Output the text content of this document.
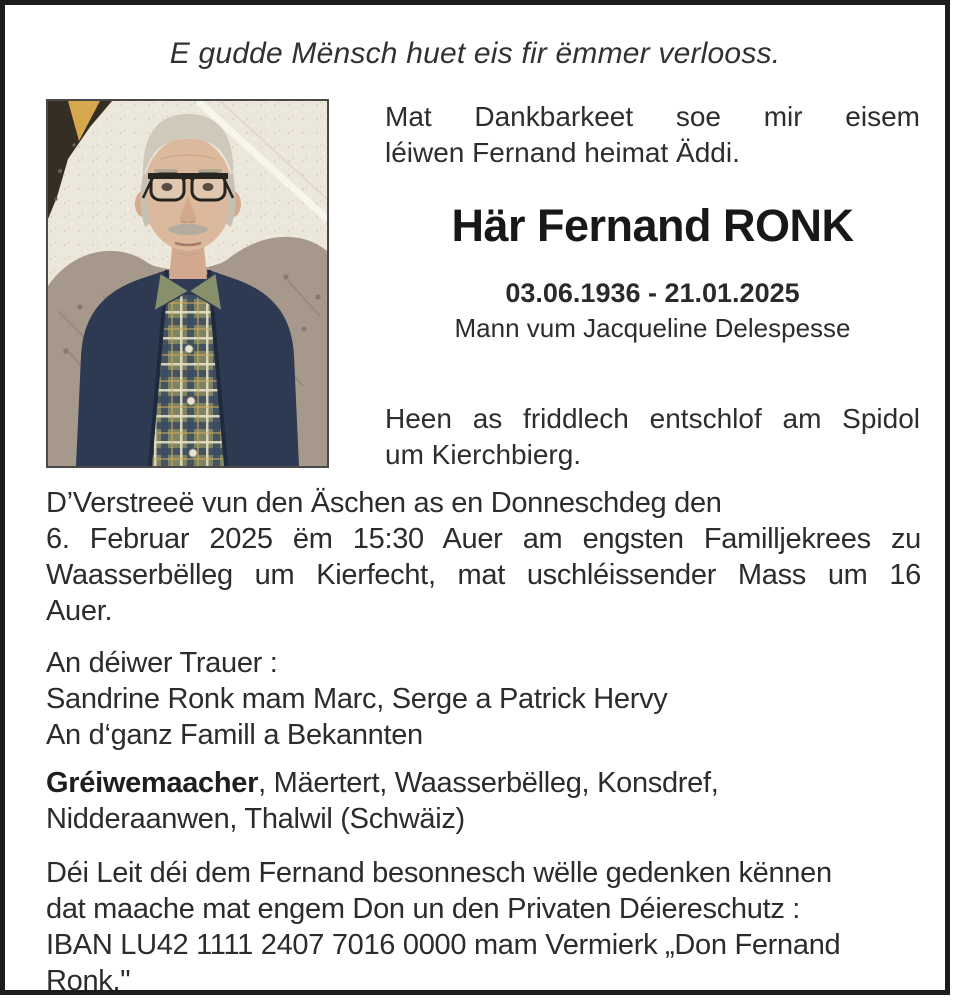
E gudde Mënsch huet eis fir ëmmer verlooss.
Mat Dankbarkeet soe mir eisem
léiwen Fernand heimat Äddi.
Här Fernand RONK
03.06.1936 - 21.01.2025
Mann vum Jacqueline Delespesse
Heen as friddlech entschlof am Spidol
um Kierchbierg.
D’Verstreeë vun den Äschen as en Donneschdeg den
6. Februar 2025 ëm 15:30 Auer am engsten Familljekrees zu
Waasserbëlleg um Kierfecht, mat uschléissender Mass um 16
Auer.
An déiwer Trauer :
Sandrine Ronk mam Marc, Serge a Patrick Hervy
An d‘ganz Famill a Bekannten
Gréiwemaacher, Mäertert, Waasserbëlleg, Konsdref,
Nidderaanwen, Thalwil (Schwäiz)
Déi Leit déi dem Fernand besonnesch wëlle gedenken kënnen
dat maache mat engem Don un den Privaten Déiereschutz :
IBAN LU42 1111 2407 7016 0000 mam Vermierk „Don Fernand
Ronk."
